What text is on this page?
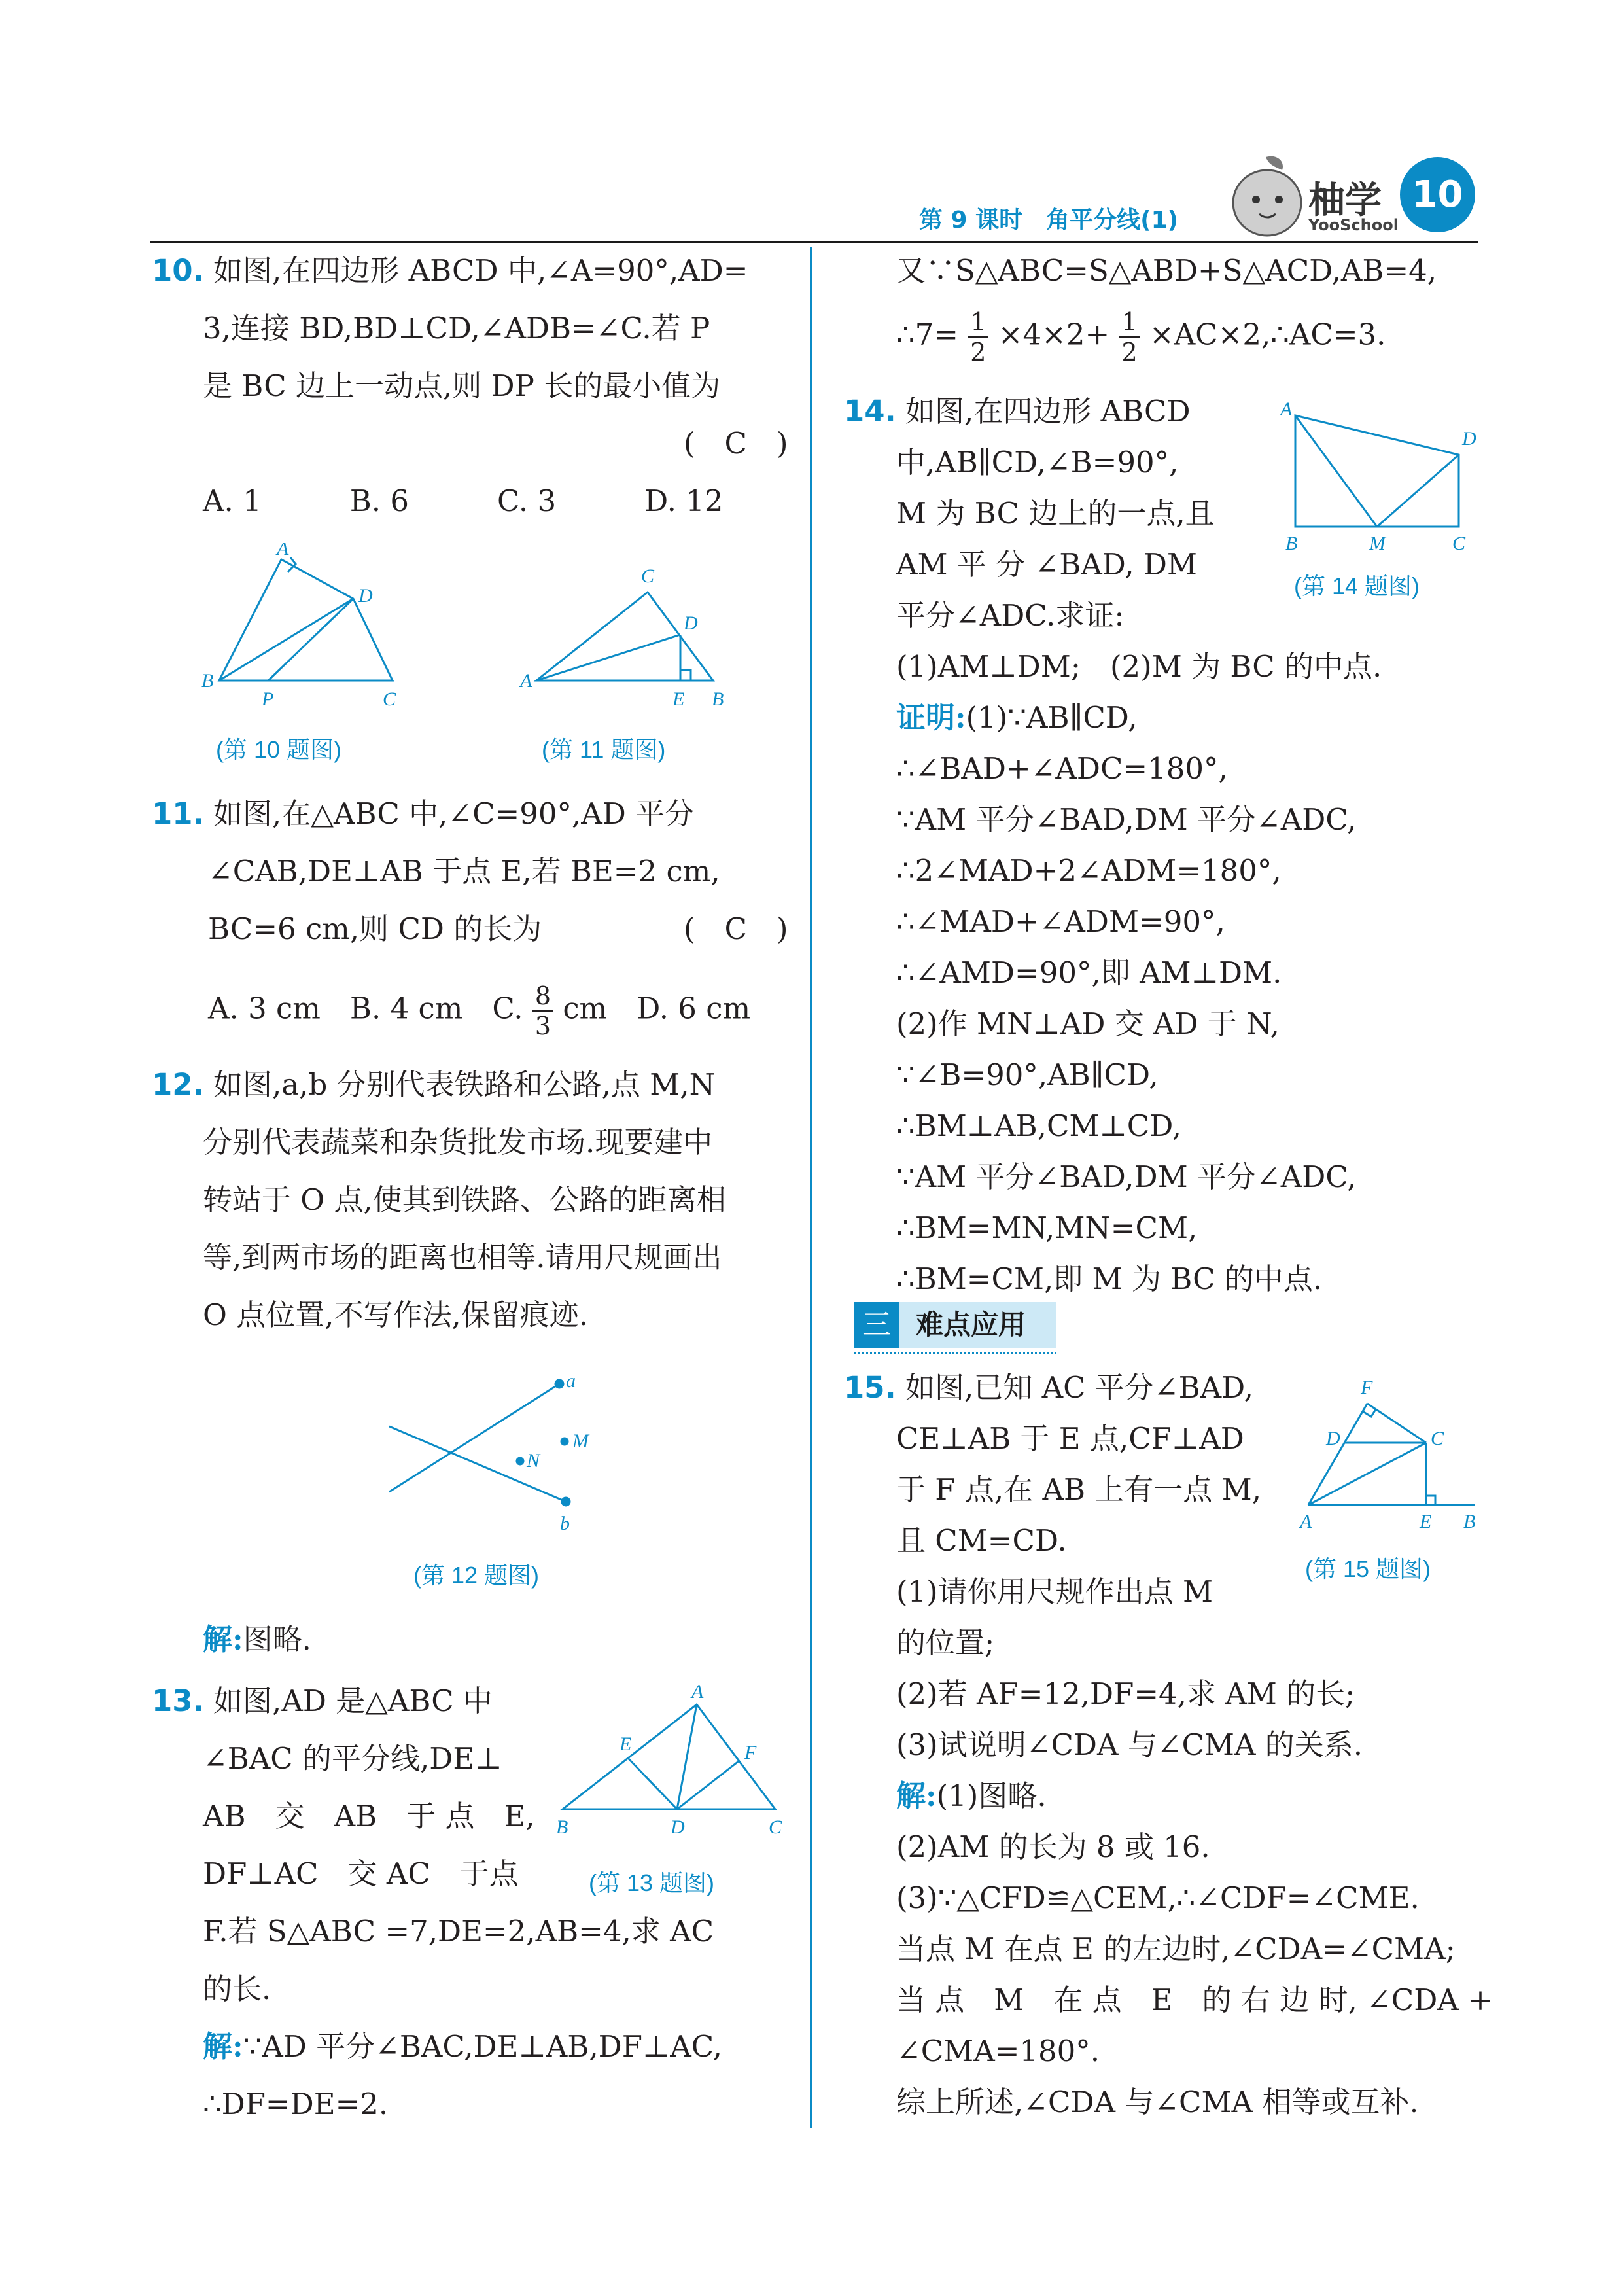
第 9 课时　角平分线(1)	柚学
YooSchool
10
10. 如图,在四边形 ABCD 中,∠A=90°,AD=
3,连接 BD,BD⊥CD,∠ADB=∠C.若 P
是 BC 边上一动点,则 DP 长的最小值为
(　C　)
A. 1　　　B. 6　　　C. 3　　　D. 12
A
D
B
P	C
(第 10 题图)
C
D
A
E B
(第 11 题图)
11. 如图,在△ABC 中,∠C=90°,AD 平分
∠CAB,DE⊥AB 于点 E,若 BE=2 cm,
BC=6 cm,则 CD 的长为	(　C　)
A. 3 cm　B. 4 cm　C. $\frac{8}{3}$ cm　D. 6 cm
12. 如图,a,b 分别代表铁路和公路,点 M,N
分别代表蔬菜和杂货批发市场.现要建中
转站于 O 点,使其到铁路、公路的距离相
等,到两市场的距离也相等.请用尺规画出
O 点位置,不写作法,保留痕迹.
a
M
N
b
(第 12 题图)
解:图略.
13. 如图,AD 是△ABC 中
∠BAC 的平分线,DE⊥
AB　交　AB　于 点　E,
DF⊥AC　交 AC　于点
F.若 S△ABC =7,DE=2,AB=4,求 AC
的长.
A
E	F
B	D	C
(第 13 题图)
解:∵AD 平分∠BAC,DE⊥AB,DF⊥AC,
∴DF=DE=2.
又∵S△ABC=S△ABD+S△ACD,AB=4,
∴7= $\frac{1}{2} \times 4\times 2+ \frac{1}{2}$ ×AC×2,∴AC=3.
14. 如图,在四边形 ABCD
中,AB∥CD,∠B=90°,
M 为 BC 边上的一点,且
AM 平 分 ∠BAD, DM
平分∠ADC.求证:
(1)AM⊥DM;　(2)M 为 BC 的中点.
A
D
B	M	C
(第 14 题图)
证明:(1)∵AB∥CD,
∴∠BAD+∠ADC=180°,
∵AM 平分∠BAD,DM 平分∠ADC,
∴2∠MAD+2∠ADM=180°,
∴∠MAD+∠ADM=90°,
∴∠AMD=90°,即 AM⊥DM.
(2)作 MN⊥AD 交 AD 于 N,
∵∠B=90°,AB∥CD,
∴BM⊥AB,CM⊥CD,
∵AM 平分∠BAD,DM 平分∠ADC,
∴BM=MN,MN=CM,
∴BM=CM,即 M 为 BC 的中点.
三 难点应用
15. 如图,已知 AC 平分∠BAD,
CE⊥AB 于 E 点,CF⊥AD
于 F 点,在 AB 上有一点 M,
且 CM=CD.
(1)请你用尺规作出点 M
的位置;
(2)若 AF=12,DF=4,求 AM 的长;
(3)试说明∠CDA 与∠CMA 的关系.
F
D	C
A	E B
(第 15 题图)
解:(1)图略.
(2)AM 的长为 8 或 16.
(3)∵△CFD≌△CEM,∴∠CDF=∠CME.
当点 M 在点 E 的左边时,∠CDA=∠CMA;
当 点　M　在 点　E　的 右 边 时, ∠CDA +
∠CMA=180°.
综上所述,∠CDA 与∠CMA 相等或互补.
